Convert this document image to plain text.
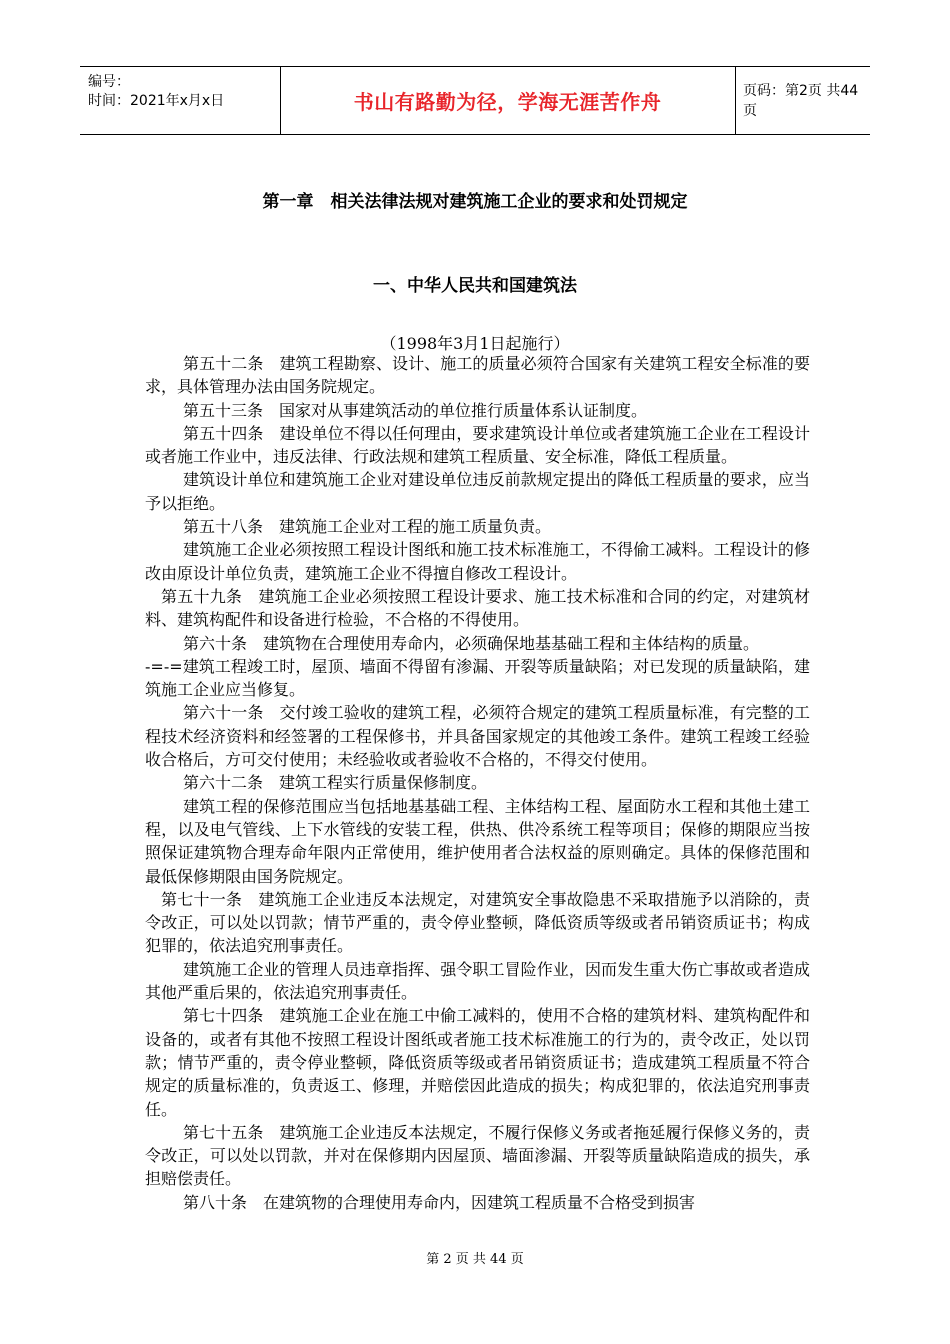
编号：
时间：2021年x月x日	书山有路勤为径，学海无涯苦作舟	页码：第2页 共44页
第一章　相关法律法规对建筑施工企业的要求和处罚规定
一、中华人民共和国建筑法
（1998年3月1日起施行）

第五十二条　建筑工程勘察、设计、施工的质量必须符合国家有关建筑工程安全标准的要求，具体管理办法由国务院规定。

第五十三条　国家对从事建筑活动的单位推行质量体系认证制度。

第五十四条　建设单位不得以任何理由，要求建筑设计单位或者建筑施工企业在工程设计或者施工作业中，违反法律、行政法规和建筑工程质量、安全标准，降低工程质量。

建筑设计单位和建筑施工企业对建设单位违反前款规定提出的降低工程质量的要求，应当予以拒绝。

第五十八条　建筑施工企业对工程的施工质量负责。

建筑施工企业必须按照工程设计图纸和施工技术标准施工，不得偷工减料。工程设计的修改由原设计单位负责，建筑施工企业不得擅自修改工程设计。

第五十九条　建筑施工企业必须按照工程设计要求、施工技术标准和合同的约定，对建筑材料、建筑构配件和设备进行检验，不合格的不得使用。

第六十条　建筑物在合理使用寿命内，必须确保地基基础工程和主体结构的质量。

-=-=建筑工程竣工时，屋顶、墙面不得留有渗漏、开裂等质量缺陷；对已发现的质量缺陷，建筑施工企业应当修复。

第六十一条　交付竣工验收的建筑工程，必须符合规定的建筑工程质量标准，有完整的工程技术经济资料和经签署的工程保修书，并具备国家规定的其他竣工条件。建筑工程竣工经验收合格后，方可交付使用；未经验收或者验收不合格的，不得交付使用。

第六十二条　建筑工程实行质量保修制度。

建筑工程的保修范围应当包括地基基础工程、主体结构工程、屋面防水工程和其他土建工程，以及电气管线、上下水管线的安装工程，供热、供冷系统工程等项目；保修的期限应当按照保证建筑物合理寿命年限内正常使用，维护使用者合法权益的原则确定。具体的保修范围和最低保修期限由国务院规定。

第七十一条　建筑施工企业违反本法规定，对建筑安全事故隐患不采取措施予以消除的，责令改正，可以处以罚款；情节严重的，责令停业整顿，降低资质等级或者吊销资质证书；构成犯罪的，依法追究刑事责任。

建筑施工企业的管理人员违章指挥、强令职工冒险作业，因而发生重大伤亡事故或者造成其他严重后果的，依法追究刑事责任。

第七十四条　建筑施工企业在施工中偷工减料的，使用不合格的建筑材料、建筑构配件和设备的，或者有其他不按照工程设计图纸或者施工技术标准施工的行为的，责令改正，处以罚款；情节严重的，责令停业整顿，降低资质等级或者吊销资质证书；造成建筑工程质量不符合规定的质量标准的，负责返工、修理，并赔偿因此造成的损失；构成犯罪的，依法追究刑事责任。

第七十五条　建筑施工企业违反本法规定，不履行保修义务或者拖延履行保修义务的，责令改正，可以处以罚款，并对在保修期内因屋顶、墙面渗漏、开裂等质量缺陷造成的损失，承担赔偿责任。

第八十条　在建筑物的合理使用寿命内，因建筑工程质量不合格受到损害

第 2 页 共 44 页
